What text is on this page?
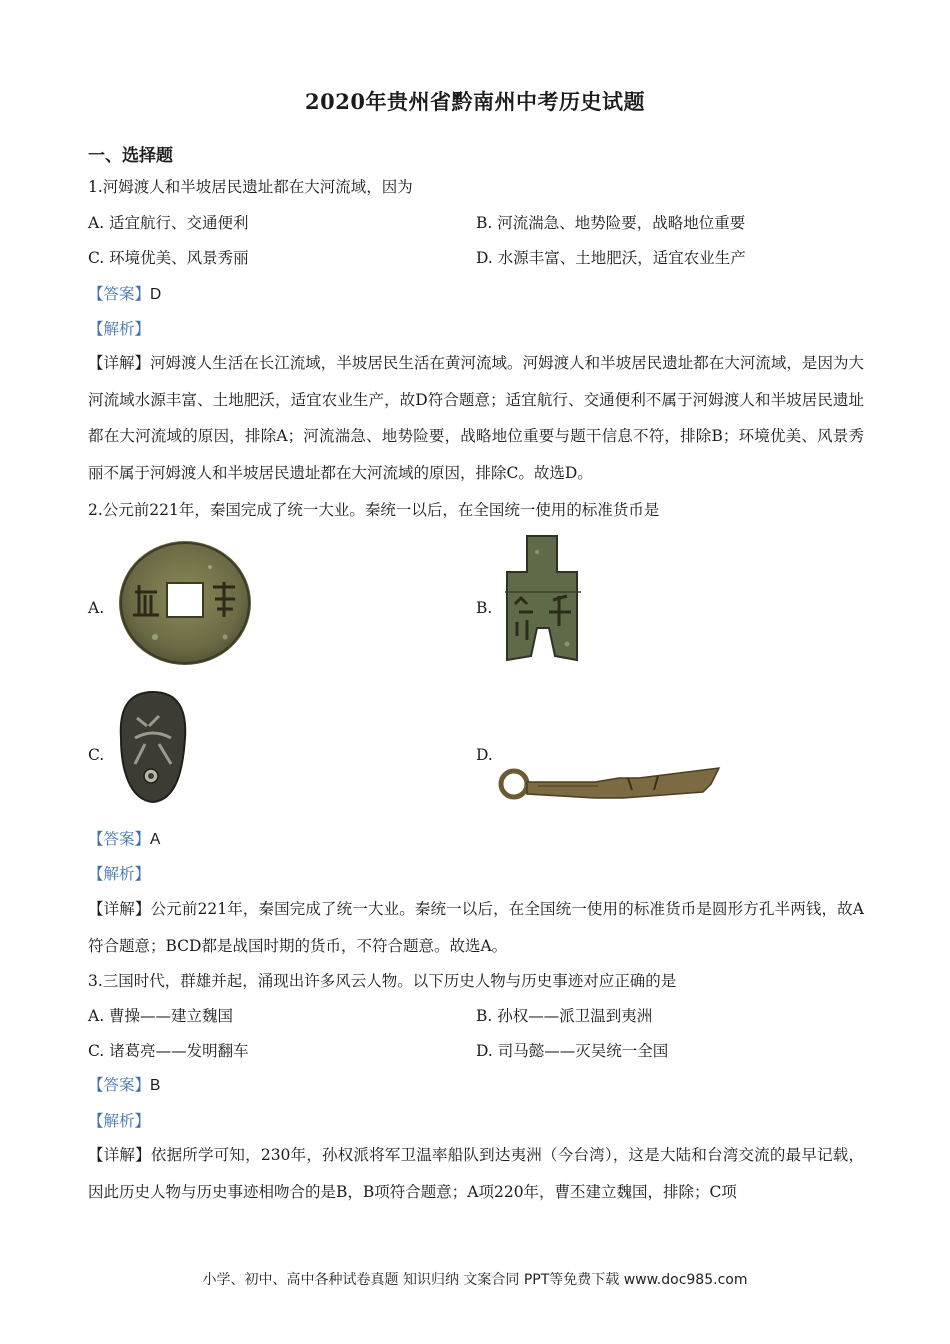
2020年贵州省黔南州中考历史试题
一、选择题
1.河姆渡人和半坡居民遗址都在大河流域，因为
A. 适宜航行、交通便利	B. 河流湍急、地势险要，战略地位重要
C. 环境优美、风景秀丽	D. 水源丰富、土地肥沃，适宜农业生产
【答案】D
【解析】
【详解】河姆渡人生活在长江流域，半坡居民生活在黄河流域。河姆渡人和半坡居民遗址都在大河流域，是因为大河流域水源丰富、土地肥沃，适宜农业生产，故D符合题意；适宜航行、交通便利不属于河姆渡人和半坡居民遗址都在大河流域的原因，排除A；河流湍急、地势险要，战略地位重要与题干信息不符，排除B；环境优美、风景秀丽不属于河姆渡人和半坡居民遗址都在大河流域的原因，排除C。故选D。
2.公元前221年，秦国完成了统一大业。秦统一以后，在全国统一使用的标准货币是
A.	B.
C.	D.
【答案】A
【解析】
【详解】公元前221年，秦国完成了统一大业。秦统一以后，在全国统一使用的标准货币是圆形方孔半两钱，故A符合题意；BCD都是战国时期的货币，不符合题意。故选A。
3.三国时代，群雄并起，涌现出许多风云人物。以下历史人物与历史事迹对应正确的是
A. 曹操——建立魏国	B. 孙权——派卫温到夷洲
C. 诸葛亮——发明翻车	D. 司马懿——灭吴统一全国
【答案】B
【解析】
【详解】依据所学可知，230年，孙权派将军卫温率船队到达夷洲（今台湾），这是大陆和台湾交流的最早记载，因此历史人物与历史事迹相吻合的是B，B项符合题意；A项220年，曹丕建立魏国，排除；C项
小学、初中、高中各种试卷真题 知识归纳 文案合同 PPT等免费下载 www.doc985.com
